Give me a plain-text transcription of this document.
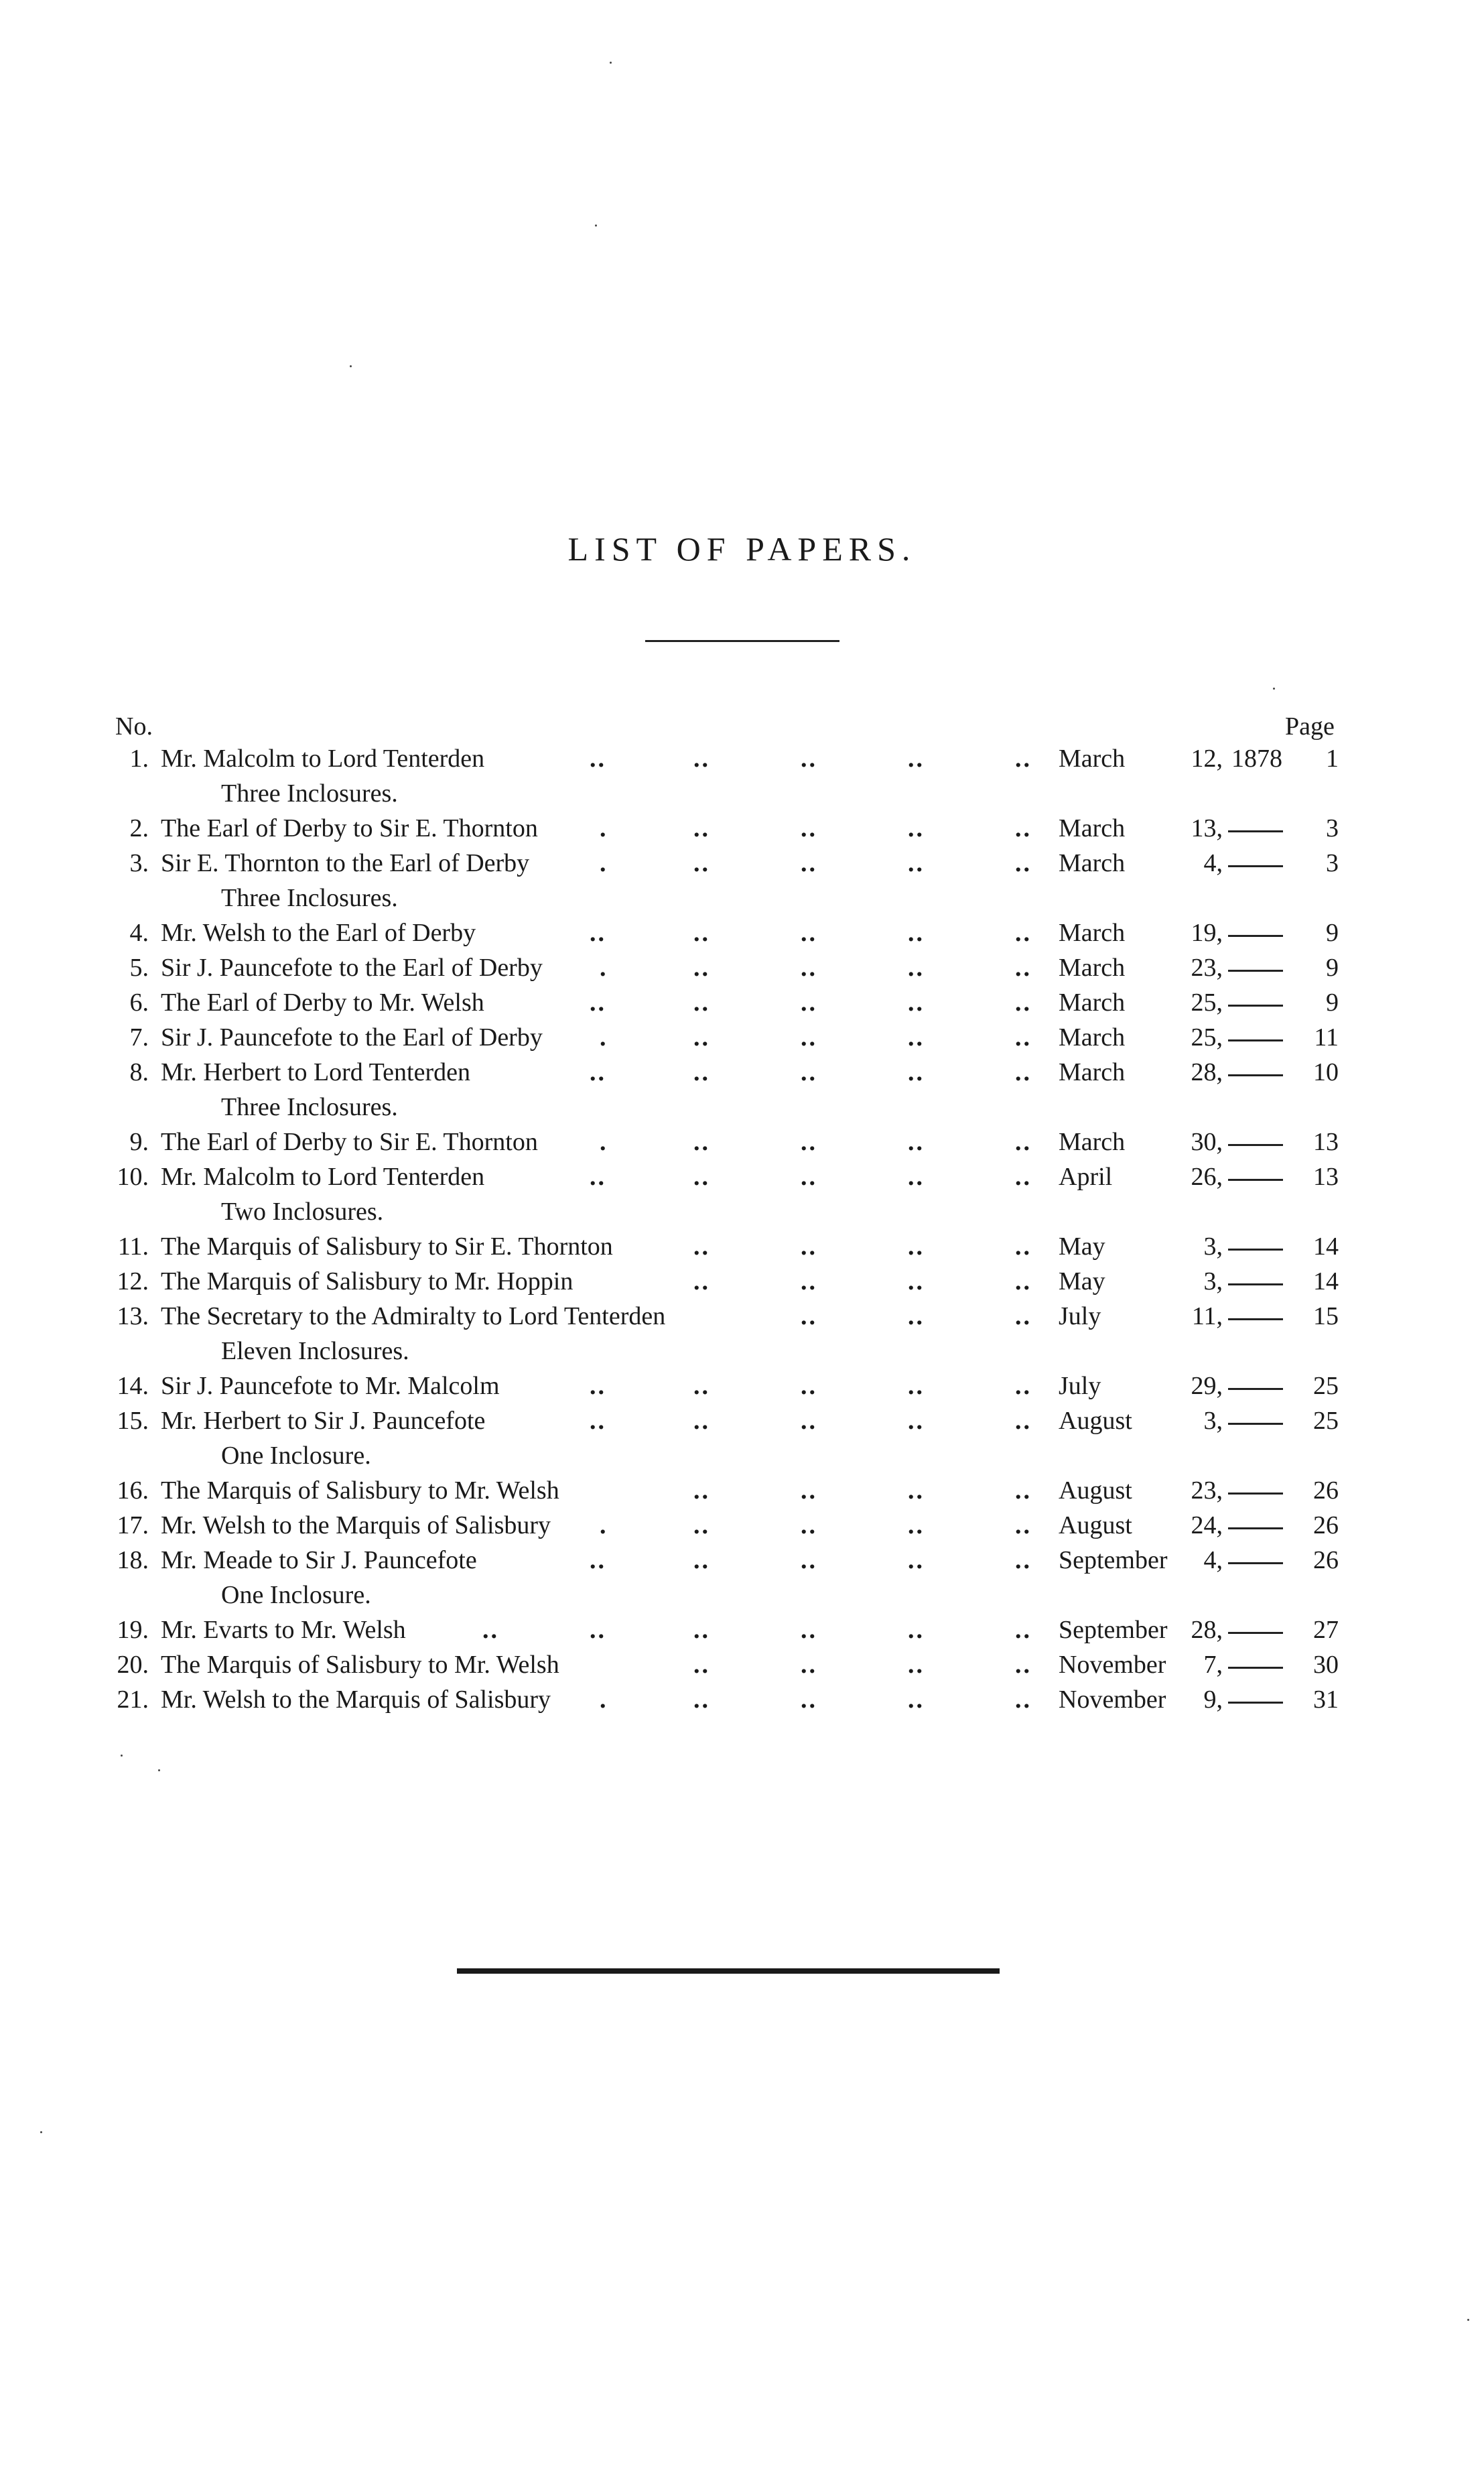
LIST OF PAPERS.
No.	Page
1. Mr. Malcolm to Lord Tenterden	..	..	..	..	.. March	12, 1878 1
Three Inclosures.
2. The Earl of Derby to Sir E. Thornton .	..	..	..	.. March	13,	3
3. Sir E. Thornton to the Earl of Derby	.	..	..	..	.. March	4,	3
Three Inclosures.
4. Mr. Welsh to the Earl of Derby	..	..	..	..	.. March	19,	9
5. Sir J. Pauncefote to the Earl of Derby .	..	..	..	.. March	23,	9
6. The Earl of Derby to Mr. Welsh	..	..	..	..	.. March	25,	9
7. Sir J. Pauncefote to the Earl of Derby .	..	..	..	.. March	25,	11
8. Mr. Herbert to Lord Tenterden	..	..	..	..	.. March	28,	10
Three Inclosures.
9. The Earl of Derby to Sir E. Thornton .	..	..	..	.. March	30,	13
10. Mr. Malcolm to Lord Tenterden	..	..	..	..	.. April	26,	13
Two Inclosures.
11. The Marquis of Salisbury to Sir E. Thornton	..	..	..	.. May	3,	14
12. The Marquis of Salisbury to Mr. Hoppin	..	..	..	.. May	3,	14
13. The Secretary to the Admiralty to Lord Tenterden	..	..	.. July	11,	15
Eleven Inclosures.
14. Sir J. Pauncefote to Mr. Malcolm	..	..	..	..	.. July	29,	25
15. Mr. Herbert to Sir J. Pauncefote	..	..	..	..	.. August	3,	25
One Inclosure.
16. The Marquis of Salisbury to Mr. Welsh	..	..	..	.. August 23,	26
17. Mr. Welsh to the Marquis of Salisbury .	..	..	..	.. August 24,	26
18. Mr. Meade to Sir J. Pauncefote	..	..	..	..	.. September 4,	26
One Inclosure.
19. Mr. Evarts to Mr. Welsh	..	..	..	..	..	.. September 28,	27
20. The Marquis of Salisbury to Mr. Welsh	..	..	..	.. November 7,	30
21. Mr. Welsh to the Marquis of Salisbury .	..	..	..	.. November 9,	31
